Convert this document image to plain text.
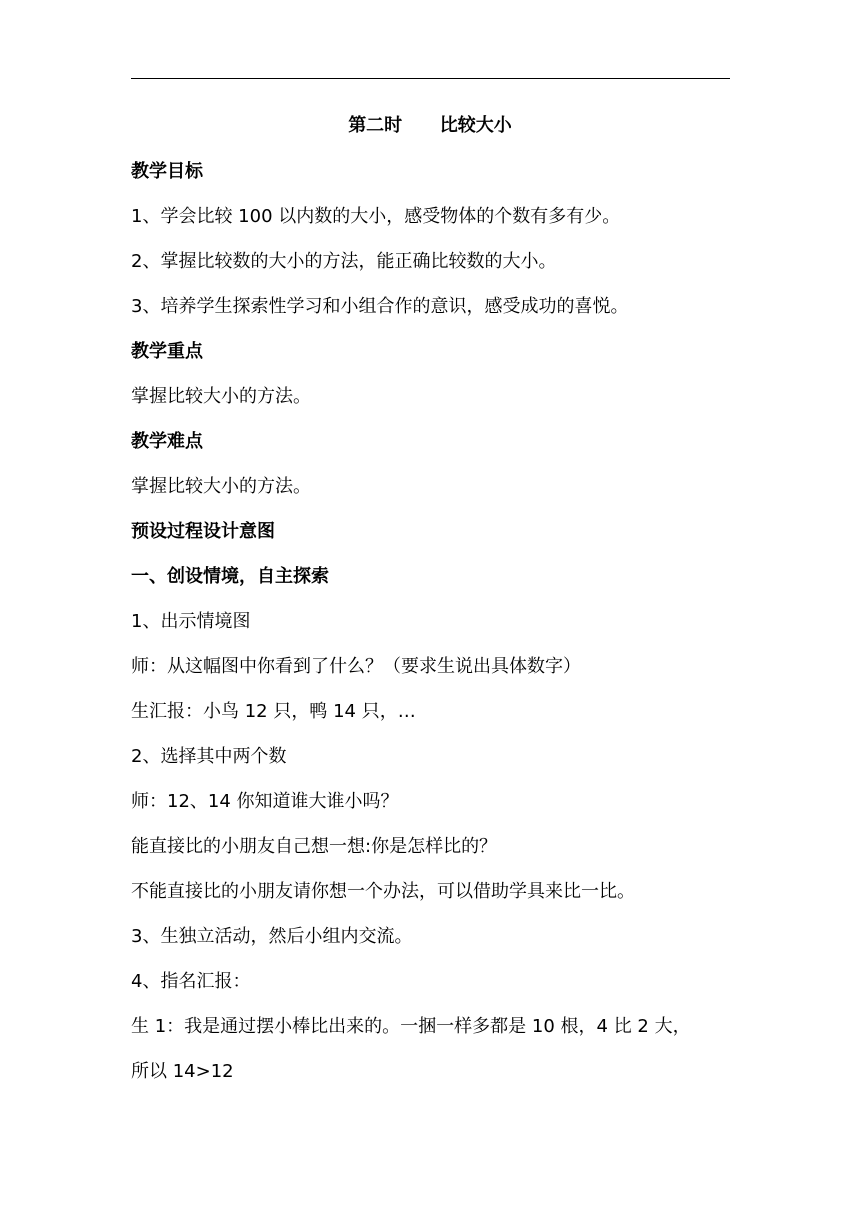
第二时      比较大小
教学目标
1、学会比较 100 以内数的大小，感受物体的个数有多有少。
2、掌握比较数的大小的方法，能正确比较数的大小。
3、培养学生探索性学习和小组合作的意识，感受成功的喜悦。
教学重点
掌握比较大小的方法。
教学难点
掌握比较大小的方法。
预设过程设计意图
一、创设情境，自主探索
1、出示情境图
师：从这幅图中你看到了什么？（要求生说出具体数字）
生汇报：小鸟 12 只，鸭 14 只，…
2、选择其中两个数
师：12、14 你知道谁大谁小吗？
能直接比的小朋友自己想一想:你是怎样比的？
不能直接比的小朋友请你想一个办法，可以借助学具来比一比。
3、生独立活动，然后小组内交流。
4、指名汇报：
生 1：我是通过摆小棒比出来的。一捆一样多都是 10 根，4 比 2 大，
所以 14>12
